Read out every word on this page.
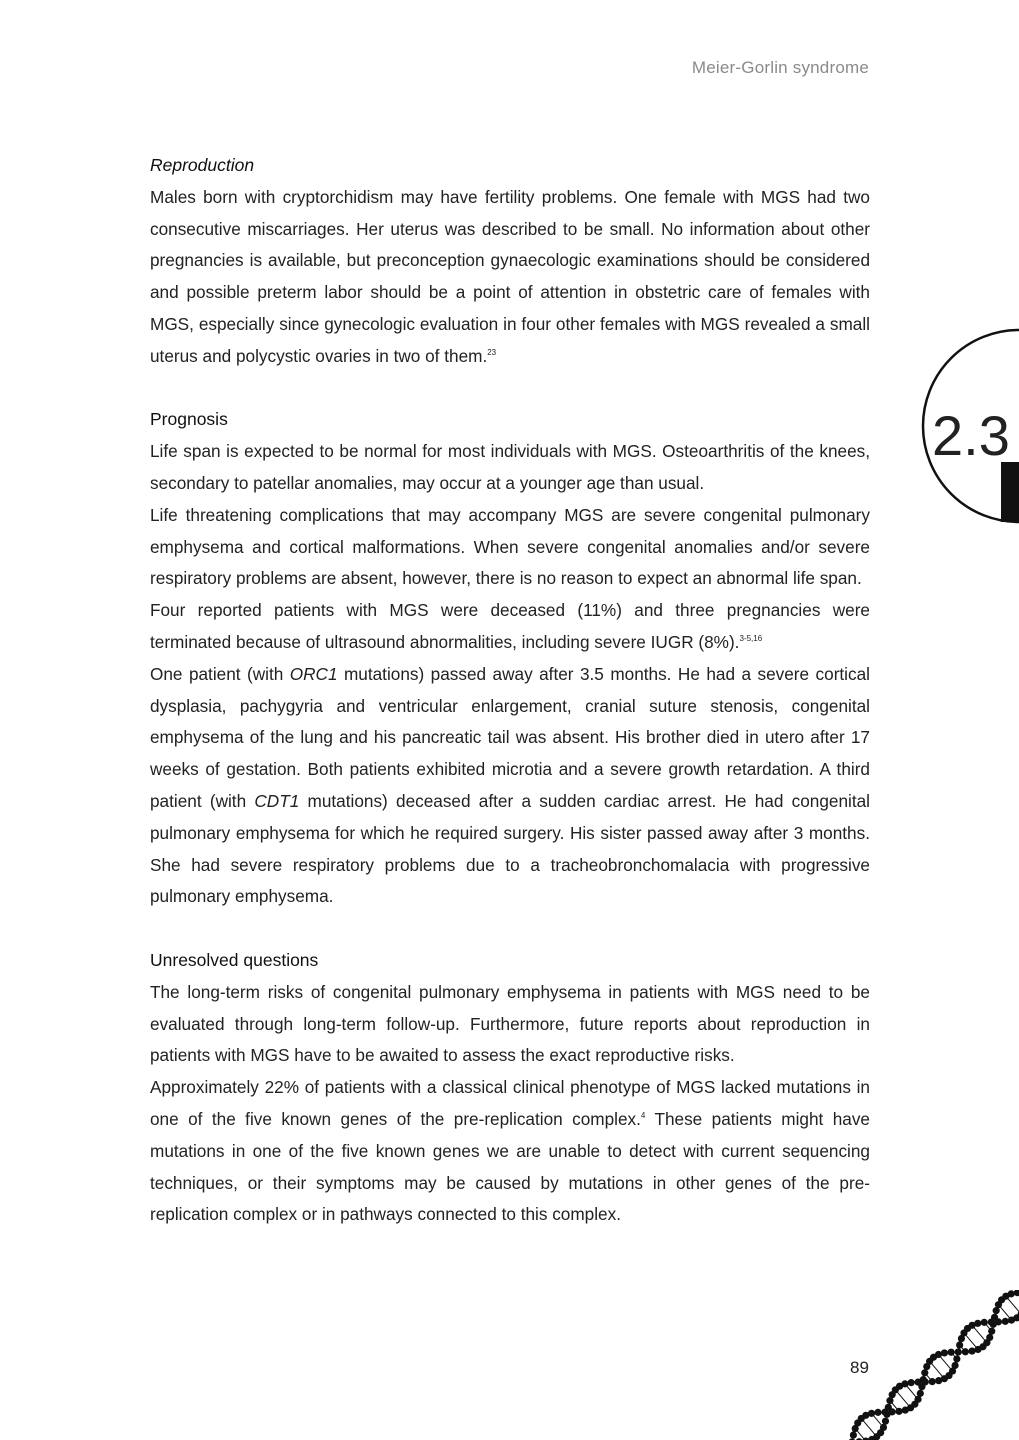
Meier-Gorlin syndrome
2.3
Reproduction

Males born with cryptorchidism may have fertility problems. One female with MGS had two consecutive miscarriages. Her uterus was described to be small. No information about other pregnancies is available, but preconception gynaecologic examinations should be considered and possible preterm labor should be a point of attention in obstetric care of females with MGS, especially since gynecologic evaluation in four other females with MGS revealed a small uterus and polycystic ovaries in two of them.$^{23}$

Prognosis

Life span is expected to be normal for most individuals with MGS. Osteoarthritis of the knees, secondary to patellar anomalies, may occur at a younger age than usual.

Life threatening complications that may accompany MGS are severe congenital pulmonary emphysema and cortical malformations. When severe congenital anomalies and/or severe respiratory problems are absent, however, there is no reason to expect an abnormal life span.

Four reported patients with MGS were deceased (11%) and three pregnancies were terminated because of ultrasound abnormalities, including severe IUGR (8%).$^{3-5,16}$

One patient (with ORC1 mutations) passed away after 3.5 months. He had a severe cortical dysplasia, pachygyria and ventricular enlargement, cranial suture stenosis, congenital emphysema of the lung and his pancreatic tail was absent. His brother died in utero after 17 weeks of gestation. Both patients exhibited microtia and a severe growth retardation. A third patient (with CDT1 mutations) deceased after a sudden cardiac arrest. He had congenital pulmonary emphysema for which he required surgery. His sister passed away after 3 months. She had severe respiratory problems due to a tracheobronchomalacia with progressive pulmonary emphysema.

Unresolved questions

The long-term risks of congenital pulmonary emphysema in patients with MGS need to be evaluated through long-term follow-up. Furthermore, future reports about reproduction in patients with MGS have to be awaited to assess the exact reproductive risks.

Approximately 22% of patients with a classical clinical phenotype of MGS lacked mutations in one of the five known genes of the pre-replication complex.$^4$ These patients might have mutations in one of the five known genes we are unable to detect with current sequencing techniques, or their symptoms may be caused by mutations in other genes of the pre-replication complex or in pathways connected to this complex.

89
